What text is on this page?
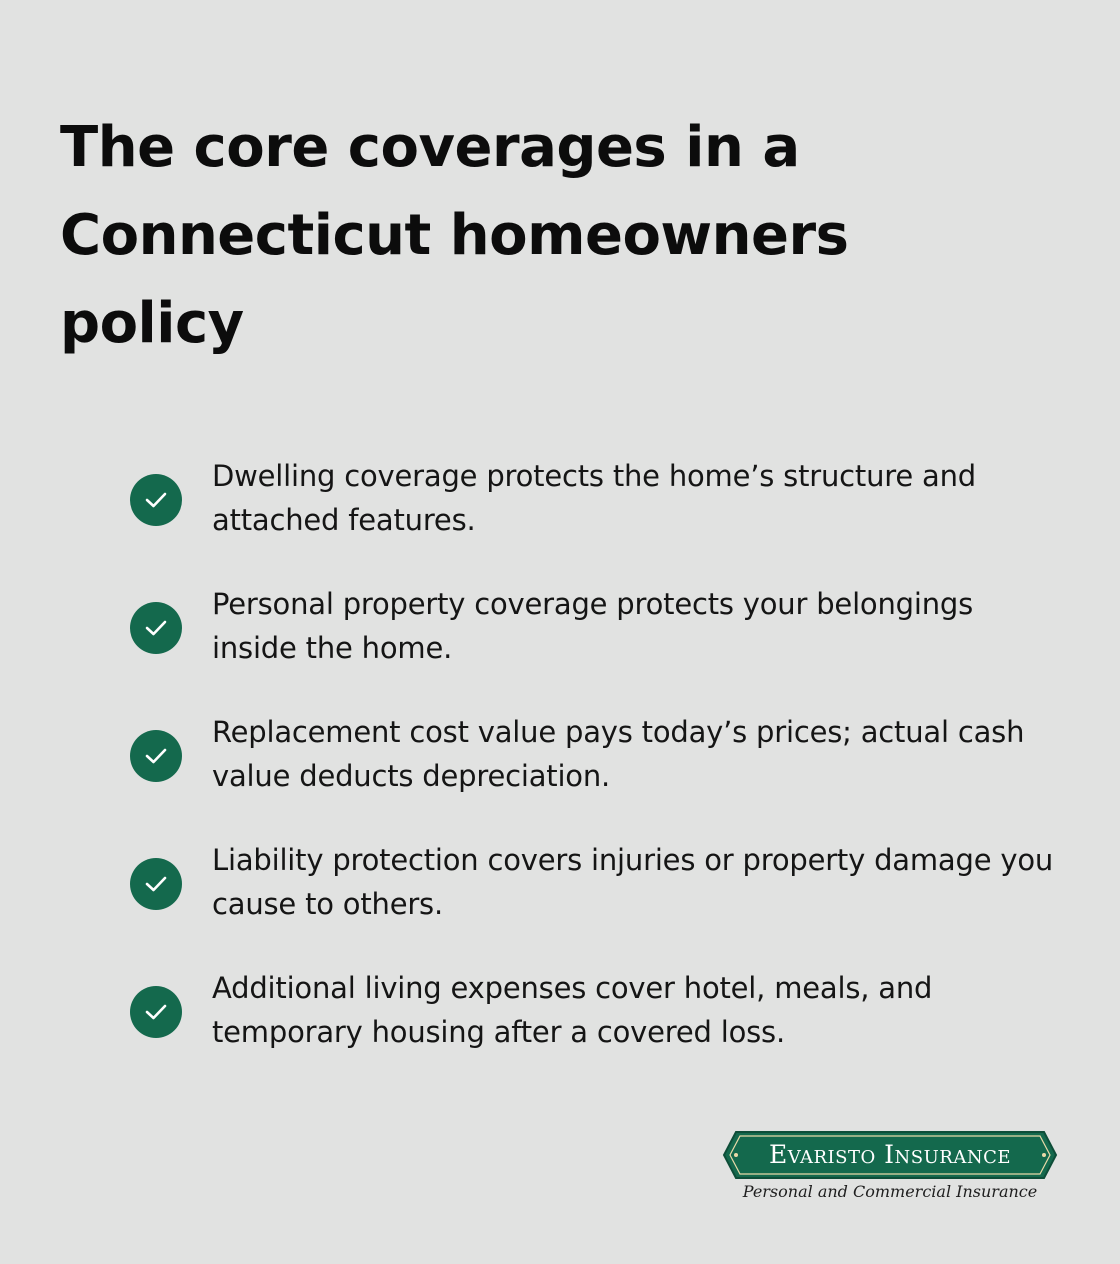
The core coverages in a Connecticut homeowners policy
Dwelling coverage protects the home’s structure and attached features.
Personal property coverage protects your belongings inside the home.
Replacement cost value pays today’s prices; actual cash value deducts depreciation.
Liability protection covers injuries or property damage you cause to others.
Additional living expenses cover hotel, meals, and temporary housing after a covered loss.
Evaristo Insurance
Personal and Commercial Insurance
